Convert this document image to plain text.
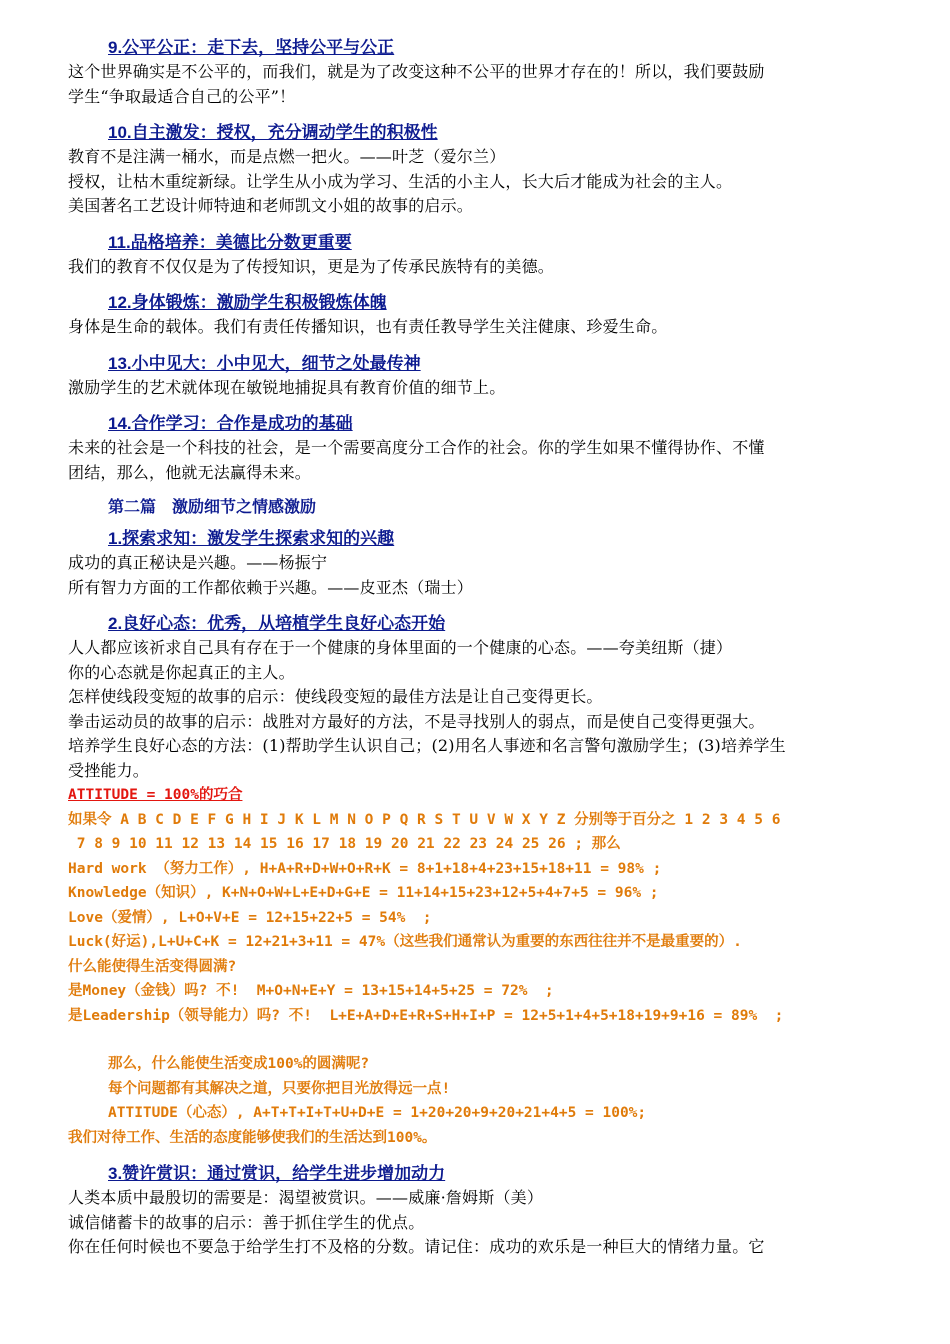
9.公平公正：走下去，坚持公平与公正

这个世界确实是不公平的，而我们，就是为了改变这种不公平的世界才存在的！所以，我们要鼓励

学生“争取最适合自己的公平”！

10.自主激发：授权，充分调动学生的积极性

教育不是注满一桶水，而是点燃一把火。——叶芝（爱尔兰）

授权，让枯木重绽新绿。让学生从小成为学习、生活的小主人，长大后才能成为社会的主人。

美国著名工艺设计师特迪和老师凯文小姐的故事的启示。

11.品格培养：美德比分数更重要

我们的教育不仅仅是为了传授知识，更是为了传承民族特有的美德。

12.身体锻炼：激励学生积极锻炼体魄

身体是生命的载体。我们有责任传播知识，也有责任教导学生关注健康、珍爱生命。

13.小中见大：小中见大，细节之处最传神

激励学生的艺术就体现在敏锐地捕捉具有教育价值的细节上。

14.合作学习：合作是成功的基础

未来的社会是一个科技的社会，是一个需要高度分工合作的社会。你的学生如果不懂得协作、不懂

团结，那么，他就无法赢得未来。

第二篇　激励细节之情感激励
1.探索求知：激发学生探索求知的兴趣

成功的真正秘诀是兴趣。——杨振宁

所有智力方面的工作都依赖于兴趣。——皮亚杰（瑞士）

2.良好心态：优秀，从培植学生良好心态开始

人人都应该祈求自己具有存在于一个健康的身体里面的一个健康的心态。——夸美纽斯（捷）

你的心态就是你起真正的主人。

怎样使线段变短的故事的启示：使线段变短的最佳方法是让自己变得更长。

拳击运动员的故事的启示：战胜对方最好的方法，不是寻找别人的弱点，而是使自己变得更强大。

培养学生良好心态的方法：(1)帮助学生认识自己；(2)用名人事迹和名言警句激励学生；(3)培养学生

受挫能力。

ATTITUDE = 100%的巧合

如果令 A B C D E F G H I J K L M N O P Q R S T U V W X Y Z 分别等于百分之 1 2 3 4 5 6

7 8 9 10 11 12 13 14 15 16 17 18 19 20 21 22 23 24 25 26 ; 那么

Hard work （努力工作）, H+A+R+D+W+O+R+K = 8+1+18+4+23+15+18+11 = 98% ;

Knowledge（知识）, K+N+O+W+L+E+D+G+E = 11+14+15+23+12+5+4+7+5 = 96% ;

Love（爱情）, L+O+V+E = 12+15+22+5 = 54%  ;

Luck(好运),L+U+C+K = 12+21+3+11 = 47%（这些我们通常认为重要的东西往往并不是最重要的）.

什么能使得生活变得圆满?

是Money（金钱）吗? 不!  M+O+N+E+Y = 13+15+14+5+25 = 72%  ;

是Leadership（领导能力）吗? 不!  L+E+A+D+E+R+S+H+I+P = 12+5+1+4+5+18+19+9+16 = 89%  ;

那么，什么能使生活变成100%的圆满呢?

每个问题都有其解决之道，只要你把目光放得远一点!

ATTITUDE（心态）, A+T+T+I+T+U+D+E = 1+20+20+9+20+21+4+5 = 100%;

我们对待工作、生活的态度能够使我们的生活达到100%。

3.赞许赏识：通过赏识，给学生进步增加动力

人类本质中最殷切的需要是：渴望被赏识。——威廉·詹姆斯（美）

诚信储蓄卡的故事的启示：善于抓住学生的优点。

你在任何时候也不要急于给学生打不及格的分数。请记住：成功的欢乐是一种巨大的情绪力量。它
